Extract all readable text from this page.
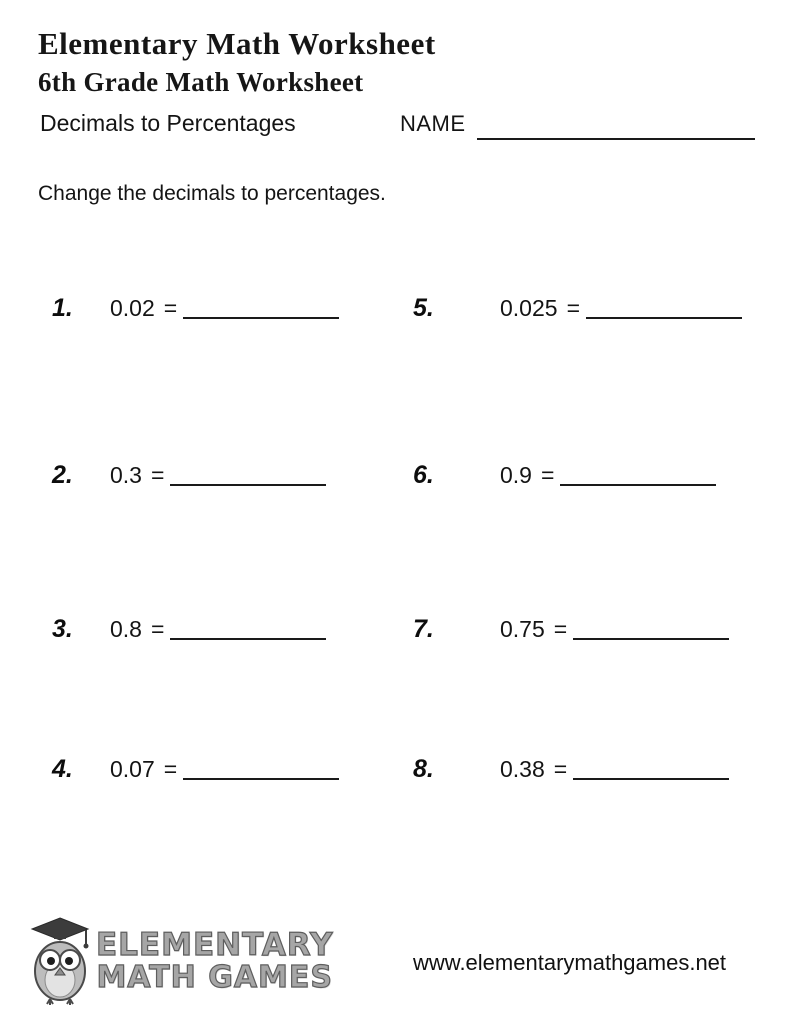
Elementary Math Worksheet
6th Grade Math Worksheet
Decimals to Percentages	NAME
Change the decimals to percentages.
1. 0.02 =
2. 0.3 =
3. 0.8 =
4. 0.07 =
5.	0.025 =
6.	0.9 =
7.	0.75 =
8.	0.38 =
ELEMENTARY
MATH GAMES	www.elementarymathgames.net
